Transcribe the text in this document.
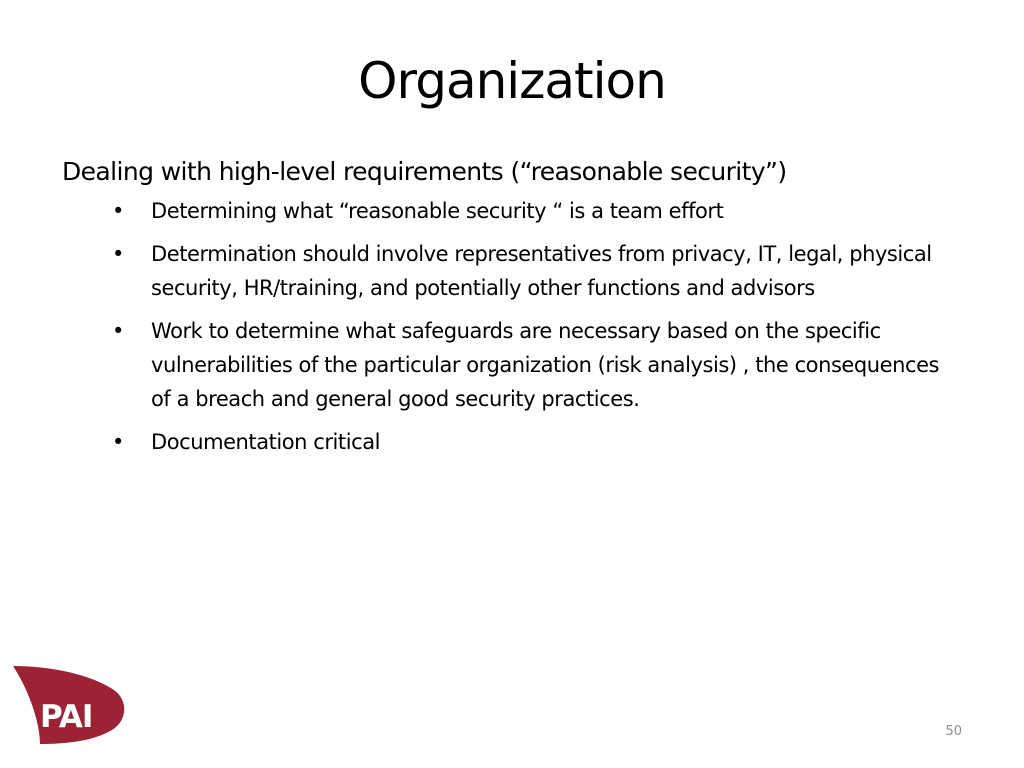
Organization

Dealing with high-level requirements (“reasonable security”)

• Determining what “reasonable security “ is a team effort
• Determination should involve representatives from privacy, IT, legal, physical security, HR/training, and potentially other functions and advisors
• Work to determine what safeguards are necessary based on the specific vulnerabilities of the particular organization (risk analysis) , the consequences of a breach and general good security practices.
• Documentation critical
PAI	50
